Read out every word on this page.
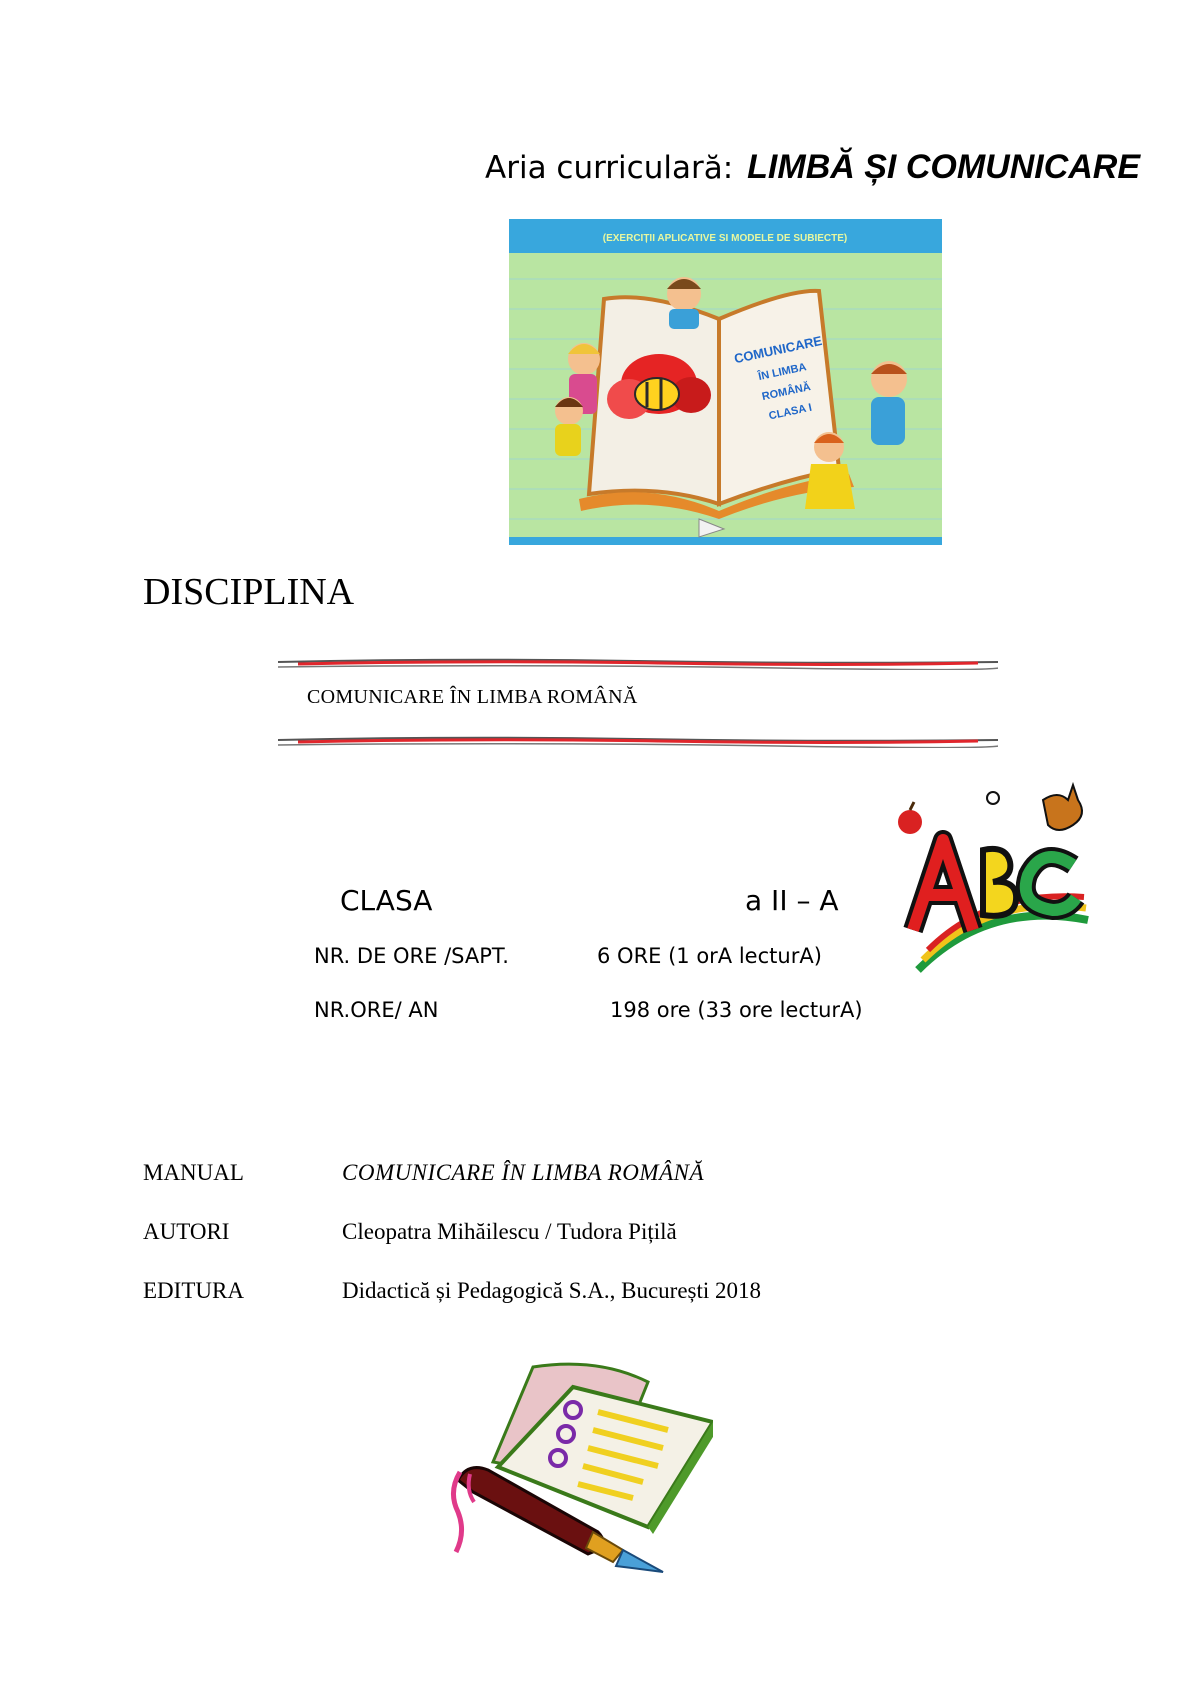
Aria curriculară: LIMBĂ ȘI COMUNICARE
(EXERCIȚII APLICATIVE SI MODELE DE SUBIECTE)
COMUNICARE
ÎN LIMBA
ROMÂNĂ
CLASA I
DISCIPLINA
COMUNICARE ÎN LIMBA ROMÂNĂ
CLASA	a II – A
NR. DE ORE /SAPT.	6 ORE (1 orA lecturA)
NR.ORE/ AN	198 ore (33 ore lecturA)
MANUAL	COMUNICARE ÎN LIMBA ROMÂNĂ
AUTORI	Cleopatra Mihăilescu / Tudora Pițilă
EDITURA	Didactică și Pedagogică S.A., București 2018
